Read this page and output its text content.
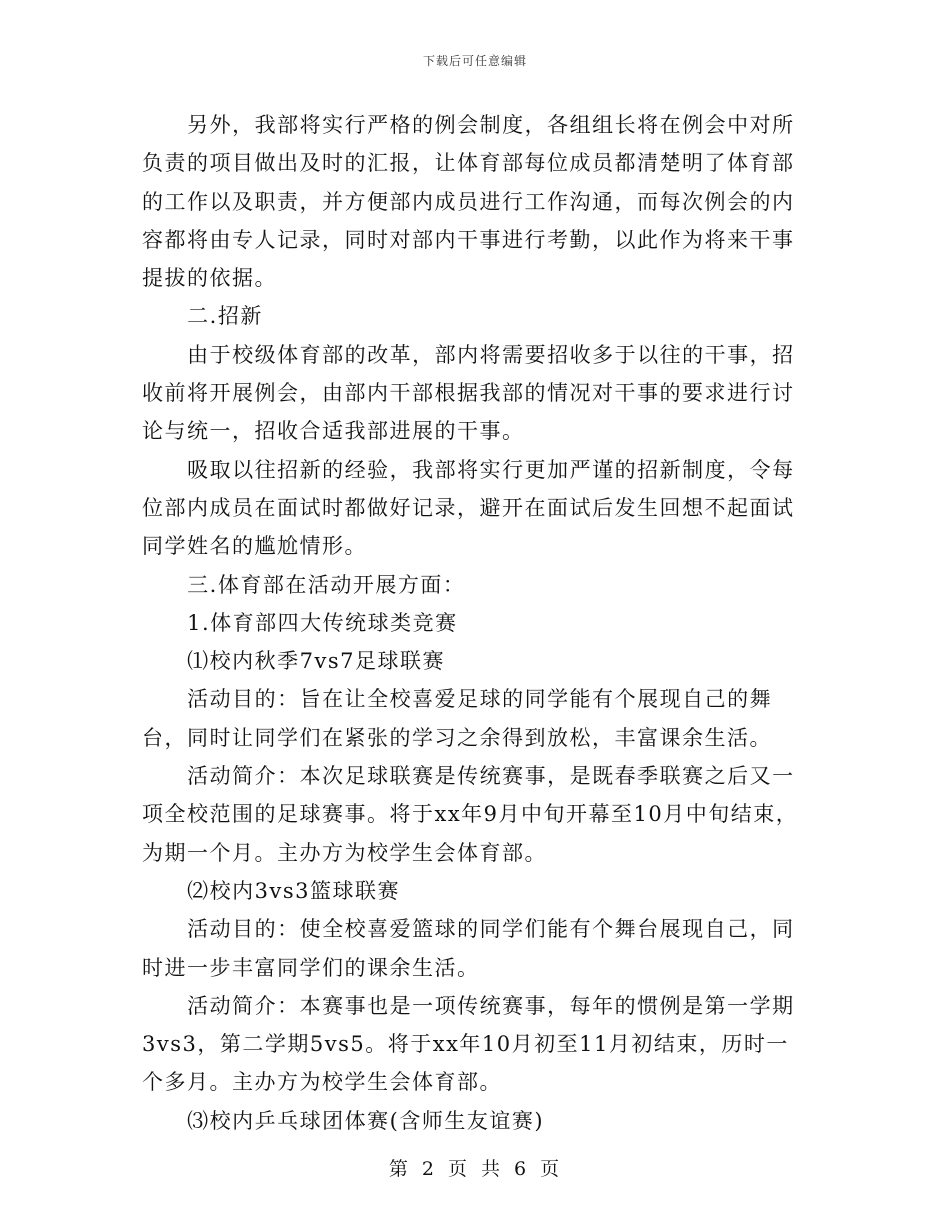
下载后可任意编辑

另外，我部将实行严格的例会制度，各组组长将在例会中对所负责的项目做出及时的汇报，让体育部每位成员都清楚明了体育部的工作以及职责，并方便部内成员进行工作沟通，而每次例会的内容都将由专人记录，同时对部内干事进行考勤，以此作为将来干事提拔的依据。

二.招新

由于校级体育部的改革，部内将需要招收多于以往的干事，招收前将开展例会，由部内干部根据我部的情况对干事的要求进行讨论与统一，招收合适我部进展的干事。

吸取以往招新的经验，我部将实行更加严谨的招新制度，令每位部内成员在面试时都做好记录，避开在面试后发生回想不起面试同学姓名的尴尬情形。

三.体育部在活动开展方面：

1.体育部四大传统球类竞赛

⑴校内秋季7vs7足球联赛

活动目的：旨在让全校喜爱足球的同学能有个展现自己的舞台，同时让同学们在紧张的学习之余得到放松，丰富课余生活。

活动简介：本次足球联赛是传统赛事，是既春季联赛之后又一项全校范围的足球赛事。将于xx年9月中旬开幕至10月中旬结束，为期一个月。主办方为校学生会体育部。

⑵校内3vs3篮球联赛

活动目的：使全校喜爱篮球的同学们能有个舞台展现自己，同时进一步丰富同学们的课余生活。

活动简介：本赛事也是一项传统赛事，每年的惯例是第一学期3vs3，第二学期5vs5。将于xx年10月初至11月初结束，历时一个多月。主办方为校学生会体育部。

⑶校内乒乓球团体赛(含师生友谊赛)

第 2 页 共 6 页
